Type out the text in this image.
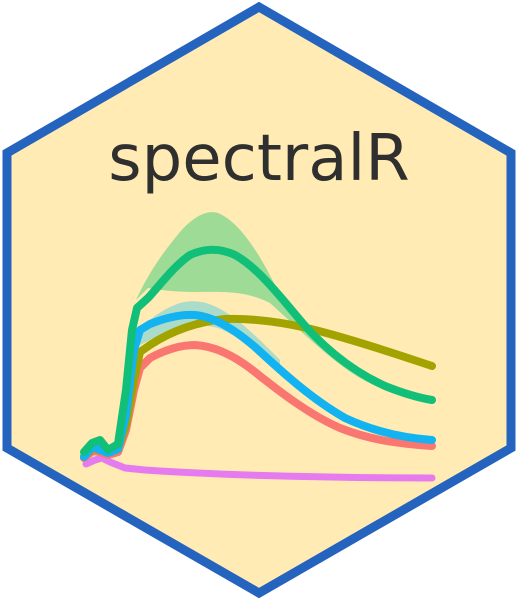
spectralR
